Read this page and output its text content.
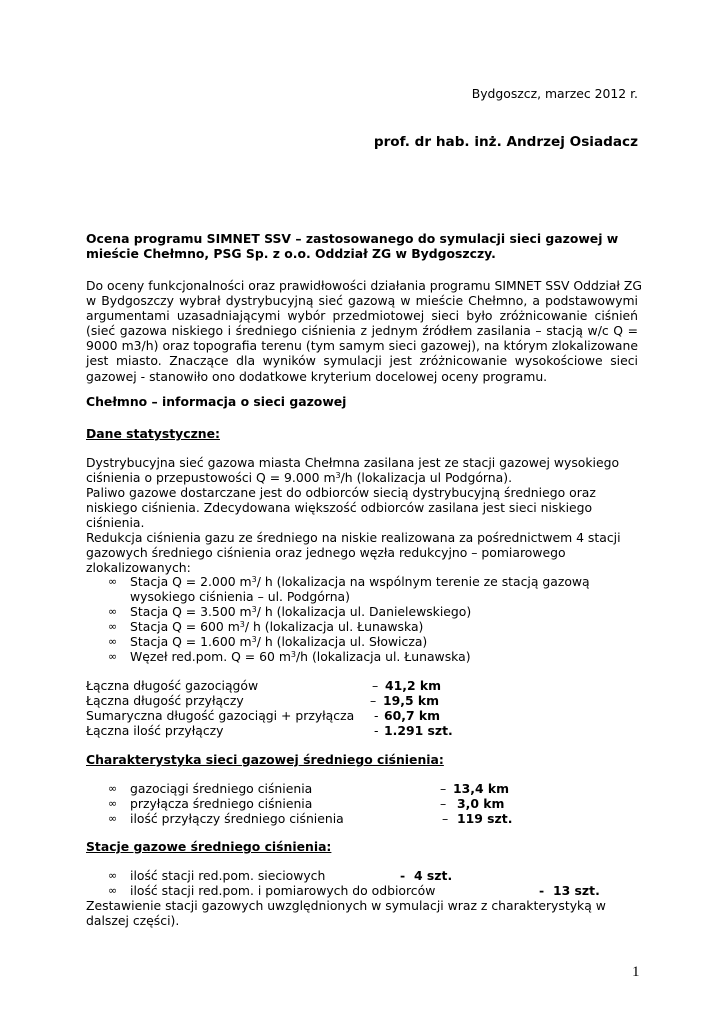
Bydgoszcz, marzec 2012 r.
prof. dr hab. inż. Andrzej Osiadacz
Ocena programu SIMNET SSV – zastosowanego do symulacji sieci gazowej w
mieście Chełmno, PSG Sp. z o.o. Oddział ZG w Bydgoszczy.
Do oceny funkcjonalności oraz prawidłowości działania programu SIMNET SSV Oddział ZG
w Bydgoszczy wybrał dystrybucyjną sieć gazową w mieście Chełmno, a podstawowymi
argumentami uzasadniającymi wybór przedmiotowej sieci było zróżnicowanie ciśnień
(sieć gazowa niskiego i średniego ciśnienia z jednym źródłem zasilania – stacją w/c Q =
9000 m3/h) oraz topografia terenu (tym samym sieci gazowej), na którym zlokalizowane
jest miasto. Znaczące dla wyników symulacji jest zróżnicowanie wysokościowe sieci
gazowej - stanowiło ono dodatkowe kryterium docelowej oceny programu.
Chełmno – informacja o sieci gazowej
Dane statystyczne:
Dystrybucyjna sieć gazowa miasta Chełmna zasilana jest ze stacji gazowej wysokiego
ciśnienia o przepustowości Q = 9.000 $m^3/h$ (lokalizacja ul Podgórna).
Paliwo gazowe dostarczane jest do odbiorców siecią dystrybucyjną średniego oraz
niskiego ciśnienia. Zdecydowana większość odbiorców zasilana jest sieci niskiego
ciśnienia.
Redukcja ciśnienia gazu ze średniego na niskie realizowana za pośrednictwem 4 stacji
gazowych średniego ciśnienia oraz jednego węzła redukcyjno – pomiarowego
zlokalizowanych:
∞ Stacja Q = 2.000 $m^3/$ h (lokalizacja na wspólnym terenie ze stacją gazową
wysokiego ciśnienia – ul. Podgórna)
∞ Stacja Q = 3.500 $m^3/$ h (lokalizacja ul. Danielewskiego)
∞ Stacja Q = 600 $m^3/$ h (lokalizacja ul. Łunawska)
∞ Stacja Q = 1.600 $m^3/$ h (lokalizacja ul. Słowicza)
∞ Węzeł red.pom. Q = 60 $m^3/h$ (lokalizacja ul. Łunawska)
Łączna długość gazociągów	– 41,2 km
Łączna długość przyłączy	– 19,5 km
Sumaryczna długość gazociągi + przyłącza - 60,7 km
Łączna ilość przyłączy	- 1.291 szt.
Charakterystyka sieci gazowej średniego ciśnienia:
∞ gazociągi średniego ciśnienia	– 13,4 km
∞ przyłącza średniego ciśnienia	– 3,0 km
∞ ilość przyłączy średniego ciśnienia	– 119 szt.
Stacje gazowe średniego ciśnienia:
∞ ilość stacji red.pom. sieciowych	- 4 szt.
∞ ilość stacji red.pom. i pomiarowych do odbiorców	- 13 szt.
Zestawienie stacji gazowych uwzględnionych w symulacji wraz z charakterystyką w
dalszej części).
1
